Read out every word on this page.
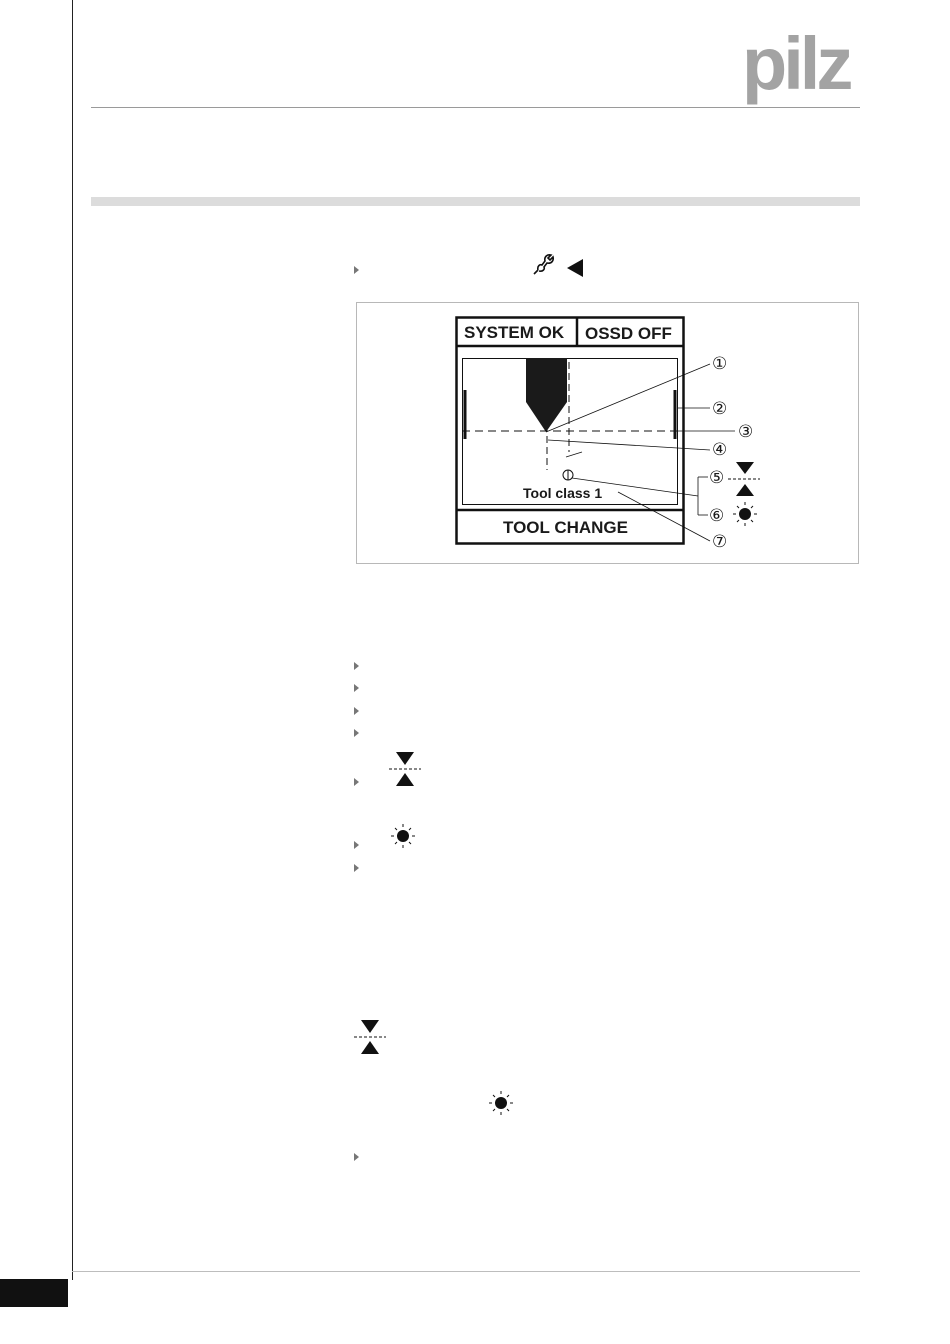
pilz
SYSTEM OK OSSD OFF
Tool class 1
TOOL CHANGE
①
②
③
④
⑤
⑥
⑦
